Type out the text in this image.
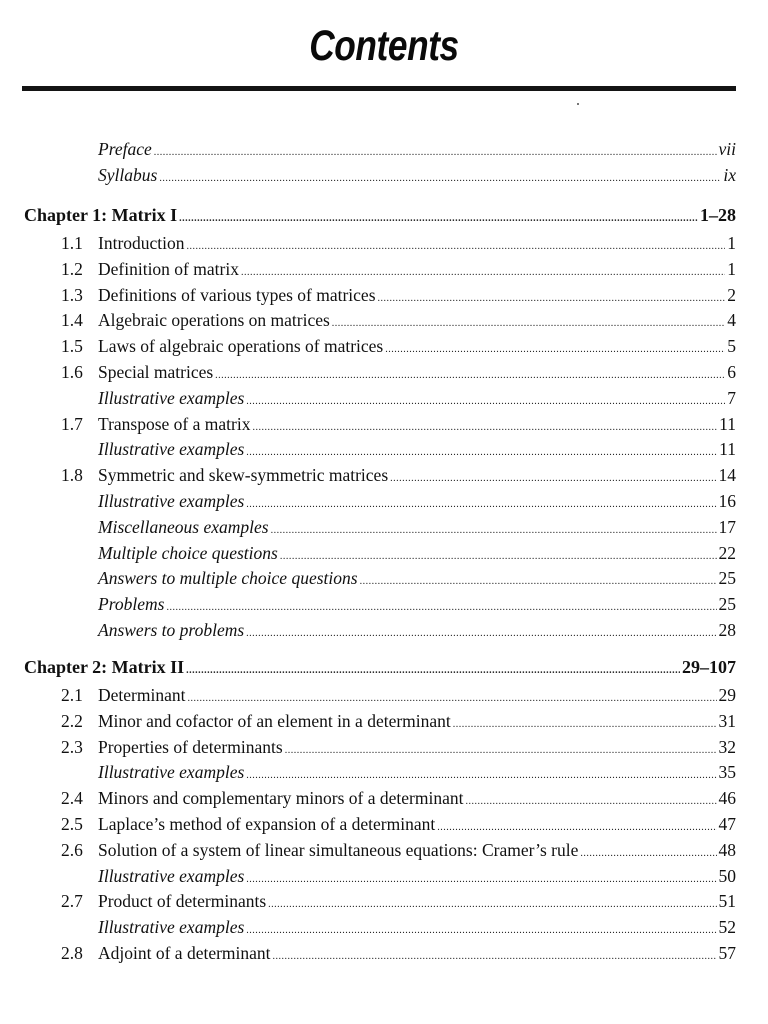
Contents
Preface .....	vii
Syllabus .....	ix
Chapter 1: Matrix I .....	1–28
1.1 Introduction .....	1
1.2 Definition of matrix .....	1
1.3 Definitions of various types of matrices .....	2
1.4 Algebraic operations on matrices .....	4
1.5 Laws of algebraic operations of matrices .....	5
1.6 Special matrices .....	6
Illustrative examples .....	7
1.7 Transpose of a matrix .....	11
Illustrative examples .....	11
1.8 Symmetric and skew-symmetric matrices .....	14
Illustrative examples .....	16
Miscellaneous examples .....	17
Multiple choice questions .....	22
Answers to multiple choice questions .....	25
Problems .....	25
Answers to problems .....	28
Chapter 2: Matrix II .....	29–107
2.1 Determinant .....	29
2.2 Minor and cofactor of an element in a determinant .....	31
2.3 Properties of determinants .....	32
Illustrative examples .....	35
2.4 Minors and complementary minors of a determinant .....	46
2.5 Laplace’s method of expansion of a determinant .....	47
2.6 Solution of a system of linear simultaneous equations: Cramer’s rule .....	48
Illustrative examples .....	50
2.7 Product of determinants .....	51
Illustrative examples .....	52
2.8 Adjoint of a determinant .....	57
